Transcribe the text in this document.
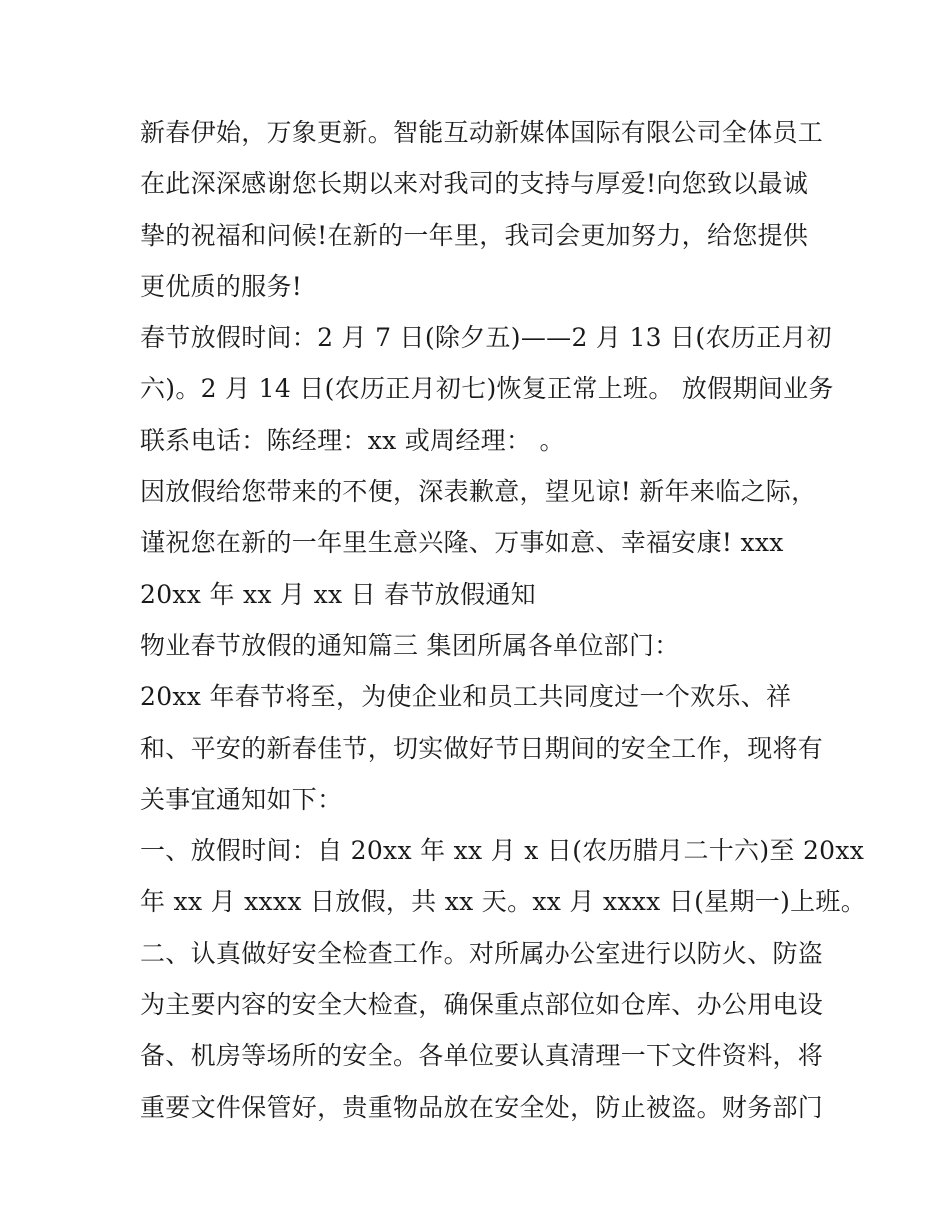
新春伊始，万象更新。智能互动新媒体国际有限公司全体员工
在此深深感谢您长期以来对我司的支持与厚爱!向您致以最诚
挚的祝福和问候!在新的一年里，我司会更加努力，给您提供
更优质的服务!
春节放假时间：2 月 7 日(除夕五)——2 月 13 日(农历正月初
六)。2 月 14 日(农历正月初七)恢复正常上班。 放假期间业务
联系电话：陈经理：xx 或周经理： 。
因放假给您带来的不便，深表歉意，望见谅! 新年来临之际，
谨祝您在新的一年里生意兴隆、万事如意、幸福安康! xxx
20xx 年 xx 月 xx 日 春节放假通知
物业春节放假的通知篇三 集团所属各单位部门：
20xx 年春节将至，为使企业和员工共同度过一个欢乐、祥
和、平安的新春佳节，切实做好节日期间的安全工作，现将有
关事宜通知如下：
一、放假时间：自 20xx 年 xx 月 x 日(农历腊月二十六)至 20xx
年 xx 月 xxxx 日放假，共 xx 天。xx 月 xxxx 日(星期一)上班。
二、认真做好安全检查工作。对所属办公室进行以防火、防盗
为主要内容的安全大检查，确保重点部位如仓库、办公用电设
备、机房等场所的安全。各单位要认真清理一下文件资料，将
重要文件保管好，贵重物品放在安全处，防止被盗。财务部门
